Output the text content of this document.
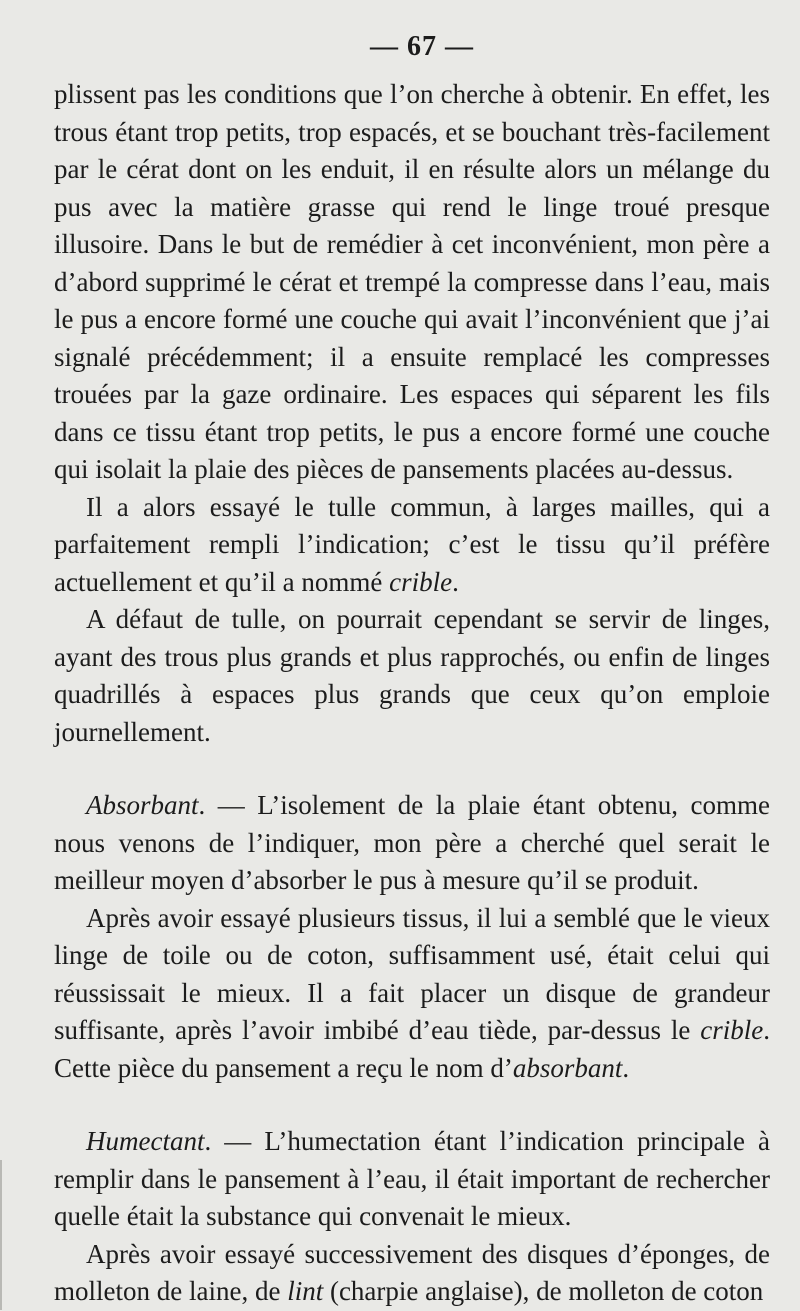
— 67 —

plissent pas les conditions que l’on cherche à obtenir. En effet, les trous étant trop petits, trop espacés, et se bouchant très-facilement par le cérat dont on les enduit, il en résulte alors un mélange du pus avec la matière grasse qui rend le linge troué presque illusoire. Dans le but de remédier à cet inconvénient, mon père a d’abord supprimé le cérat et trempé la compresse dans l’eau, mais le pus a encore formé une couche qui avait l’inconvénient que j’ai signalé précédemment; il a ensuite remplacé les compresses trouées par la gaze ordinaire. Les espaces qui séparent les fils dans ce tissu étant trop petits, le pus a encore formé une couche qui isolait la plaie des pièces de pansements placées au-dessus.

Il a alors essayé le tulle commun, à larges mailles, qui a parfaitement rempli l’indication; c’est le tissu qu’il préfère actuellement et qu’il a nommé crible.

A défaut de tulle, on pourrait cependant se servir de linges, ayant des trous plus grands et plus rapprochés, ou enfin de linges quadrillés à espaces plus grands que ceux qu’on emploie journellement.

Absorbant. — L’isolement de la plaie étant obtenu, comme nous venons de l’indiquer, mon père a cherché quel serait le meilleur moyen d’absorber le pus à mesure qu’il se produit.

Après avoir essayé plusieurs tissus, il lui a semblé que le vieux linge de toile ou de coton, suffisamment usé, était celui qui réussissait le mieux. Il a fait placer un disque de grandeur suffisante, après l’avoir imbibé d’eau tiède, par-dessus le crible. Cette pièce du pansement a reçu le nom d’absorbant.

Humectant. — L’humectation étant l’indication principale à remplir dans le pansement à l’eau, il était important de rechercher quelle était la substance qui convenait le mieux.

Après avoir essayé successivement des disques d’éponges, de molleton de laine, de lint (charpie anglaise), de molleton de coton
